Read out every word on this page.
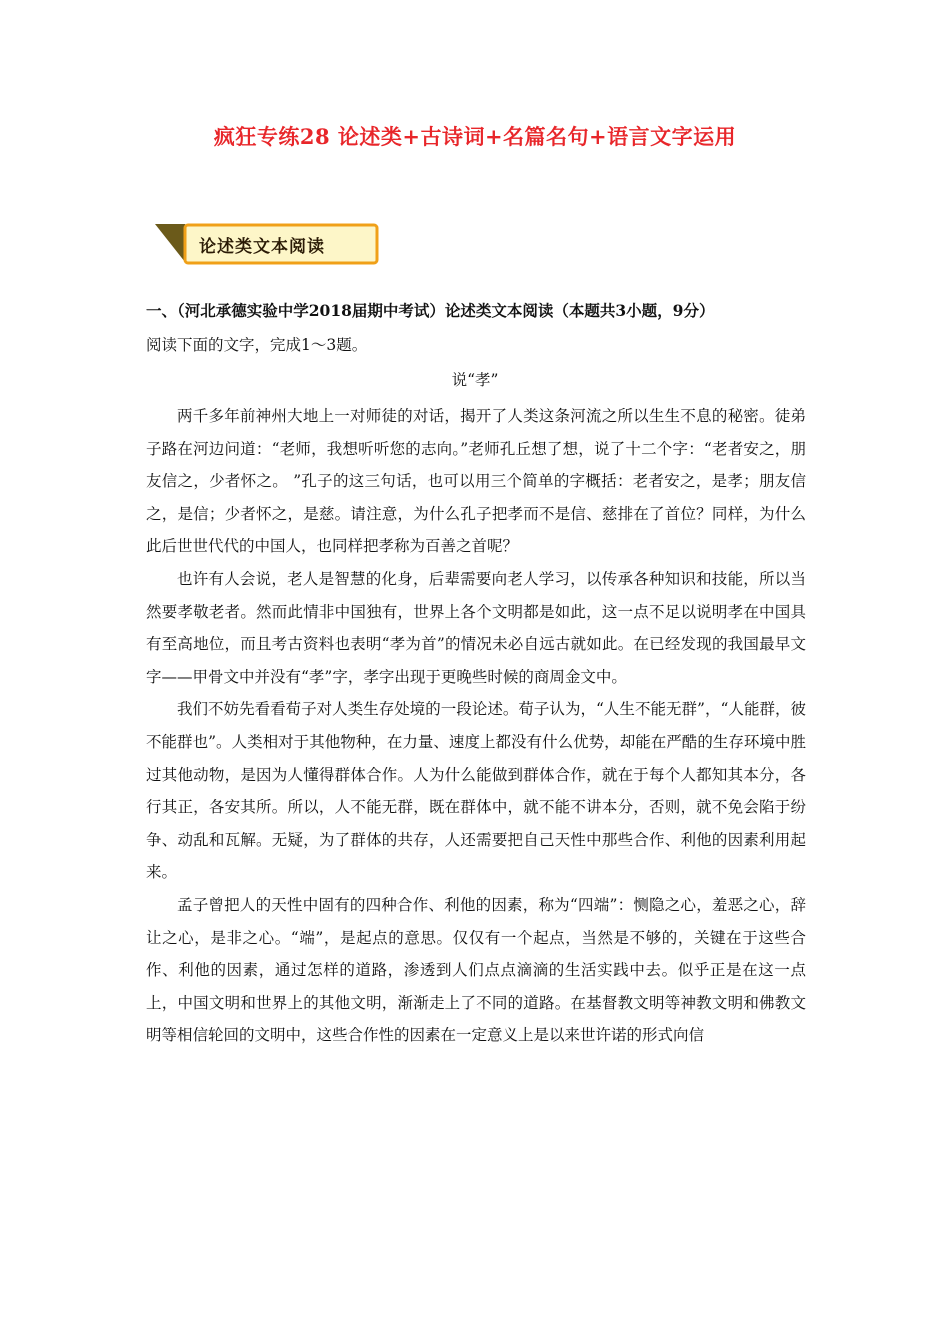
疯狂专练28 论述类+古诗词+名篇名句+语言文字运用
论述类文本阅读

一、（河北承德实验中学2018届期中考试）论述类文本阅读（本题共3小题，9分）

阅读下面的文字，完成1～3题。

说“孝”

两千多年前神州大地上一对师徒的对话，揭开了人类这条河流之所以生生不息的秘密。徒弟子路在河边问道：“老师，我想听听您的志向。”老师孔丘想了想，说了十二个字：“老者安之，朋友信之，少者怀之。 ”孔子的这三句话，也可以用三个简单的字概括：老者安之，是孝；朋友信之，是信；少者怀之，是慈。请注意，为什么孔子把孝而不是信、慈排在了首位？同样，为什么此后世世代代的中国人，也同样把孝称为百善之首呢？

也许有人会说，老人是智慧的化身，后辈需要向老人学习，以传承各种知识和技能，所以当然要孝敬老者。然而此情非中国独有，世界上各个文明都是如此，这一点不足以说明孝在中国具有至高地位，而且考古资料也表明“孝为首”的情况未必自远古就如此。在已经发现的我国最早文字——甲骨文中并没有“孝”字，孝字出现于更晚些时候的商周金文中。

我们不妨先看看荀子对人类生存处境的一段论述。荀子认为，“人生不能无群”，“人能群，彼不能群也”。人类相对于其他物种，在力量、速度上都没有什么优势，却能在严酷的生存环境中胜过其他动物，是因为人懂得群体合作。人为什么能做到群体合作，就在于每个人都知其本分，各行其正，各安其所。所以，人不能无群，既在群体中，就不能不讲本分，否则，就不免会陷于纷争、动乱和瓦解。无疑，为了群体的共存，人还需要把自己天性中那些合作、利他的因素利用起来。

孟子曾把人的天性中固有的四种合作、利他的因素，称为“四端”：恻隐之心，羞恶之心，辞让之心，是非之心。“端”，是起点的意思。仅仅有一个起点，当然是不够的，关键在于这些合作、利他的因素，通过怎样的道路，渗透到人们点点滴滴的生活实践中去。似乎正是在这一点上，中国文明和世界上的其他文明，渐渐走上了不同的道路。在基督教文明等神教文明和佛教文明等相信轮回的文明中，这些合作性的因素在一定意义上是以来世许诺的形式向信
